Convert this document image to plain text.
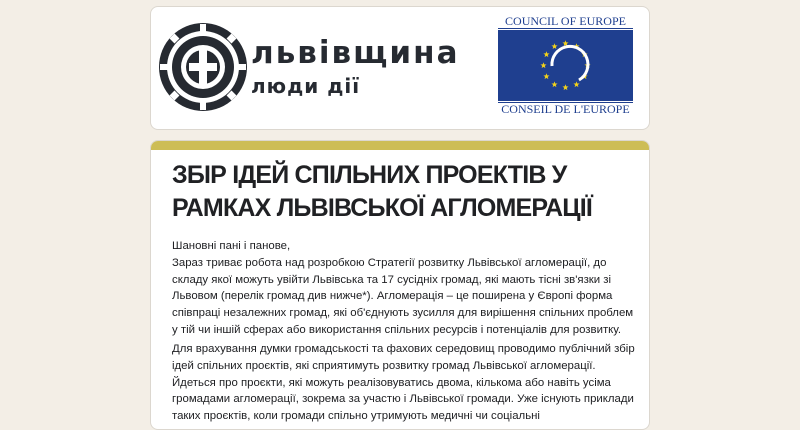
львівщина
люди дії
COUNCIL OF EUROPE
CONSEIL DE L'EUROPE
ЗБІР ІДЕЙ СПІЛЬНИХ ПРОЕКТІВ У РАМКАХ ЛЬВІВСЬКОЇ АГЛОМЕРАЦІЇ
Шановні пані і панове,
Зараз триває робота над розробкою Стратегії розвитку Львівської агломерації, до складу якої можуть увійти Львівська та 17 сусідніх громад, які мають тісні зв'язки зі Львовом (перелік громад див нижче*). Агломерація – це поширена у Європі форма співпраці незалежних громад, які об'єднують зусилля для вирішення спільних проблем у тій чи іншій сферах або використання спільних ресурсів і потенціалів для розвитку.
Для врахування думки громадськості та фахових середовищ проводимо публічний збір ідей спільних проєктів, які сприятимуть розвитку громад Львівської агломерації. Йдеться про проєкти, які можуть реалізовуватись двома, кількома або навіть усіма громадами агломерації, зокрема за участю і Львівської громади. Уже існують приклади таких проєктів, коли громади спільно утримують медичні чи соціальні
